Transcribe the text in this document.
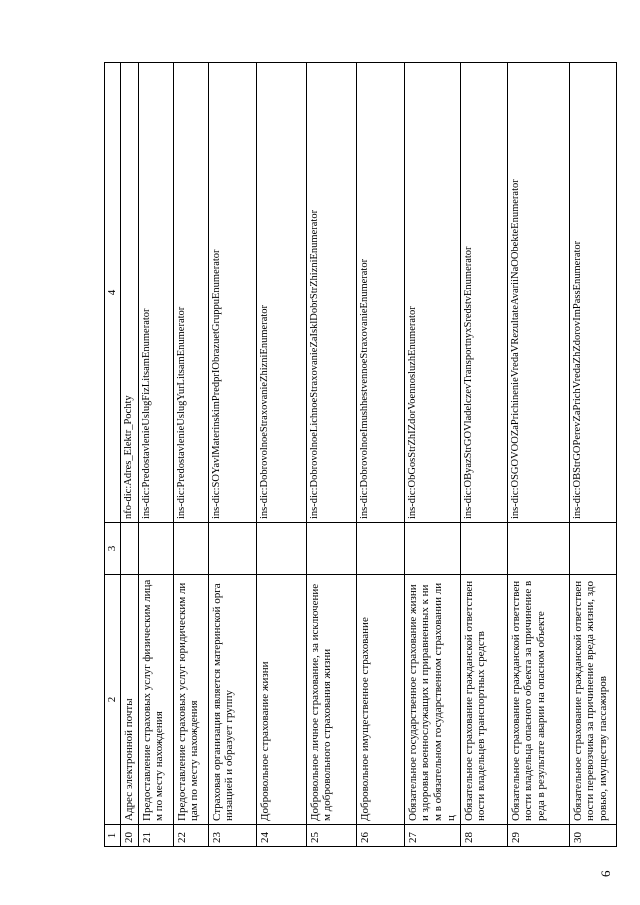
1	2	3	4
20	Адрес электронной почты		nfo-dic:Adres_Elektr_Pochty
21	Предоставление страховых услуг физическим лицам по месту нахождения		ins-dic:PredostavlenieUslugFizLitsamEnumerator
22	Предоставление страховых услуг юридическим лицам по месту нахождения		ins-dic:PredostavlenieUslugYurLitsamEnumerator
23	Страховая организация является материнской организацией и образует группу		ins-dic:SOYavlMaterinskimPredprIObrazuetGruppuEnumerator
24	Добровольное страхование жизни		ins-dic:DobrovolnoeStraxovanieZhizniEnumerator
25	Добровольное личное страхование, за исключением добровольного страхования жизни		ins-dic:DobrovolnoeLichnoeStraxovanieZaIsklDobrStrZhizniEnumerator
26	Добровольное имущественное страхование		ins-dic:DobrovolnoeImushhestvennoeStraxovanieEnumerator
27	Обязательное государственное страхование жизни и здоровья военнослужащих и приравненных к ним в обязательном государственном страховании лиц		ins-dic:ObGosStrZhIZdorVoennosluzhEnumerator
28	Обязательное страхование гражданской ответственности владельцев транспортных средств		ins-dic:OByazStrGOVladelczevTransportnyxSredstvEnumerator
29	Обязательное страхование гражданской ответственности владельца опасного объекта за причинение вреда в результате аварии на опасном объекте		ins-dic:OSGOVOOZaPrichinenieVredaVRezultateAvariiNaOObekteEnumerator
30	Обязательное страхование гражданской ответственности перевозчика за причинение вреда жизни, здоровью, имуществу пассажиров		ins-dic:OBStrGOPerevZaPrichVredaZhZdorovImPassEnumerator
6
